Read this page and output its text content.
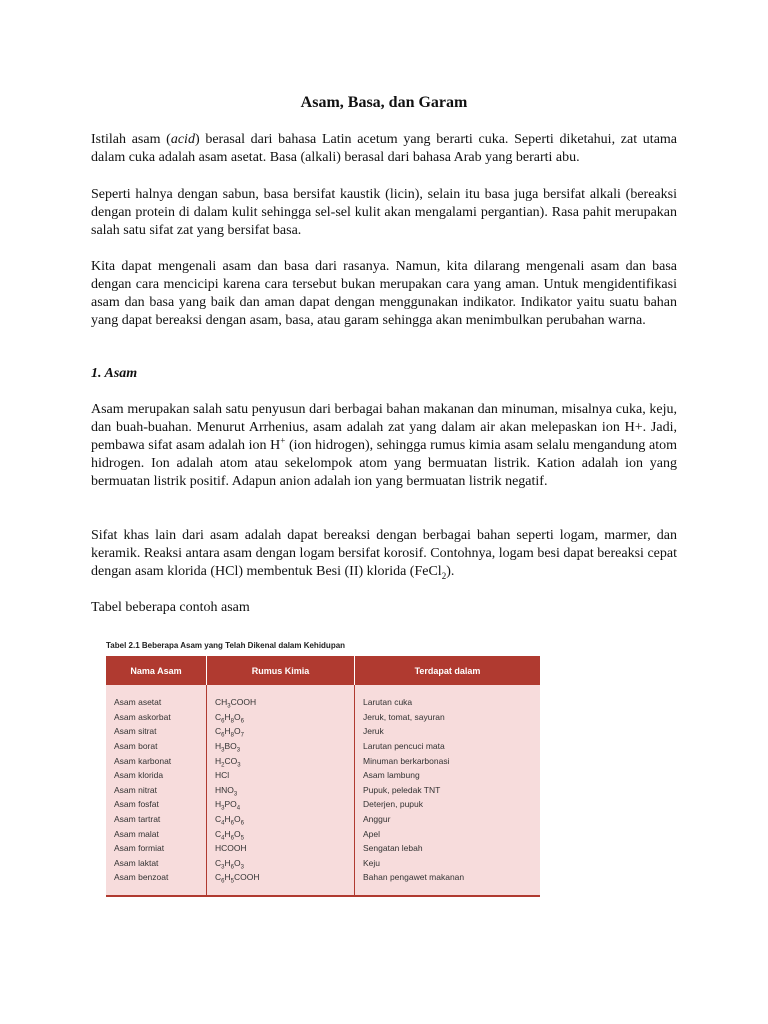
Asam, Basa, dan Garam

Istilah asam (acid) berasal dari bahasa Latin acetum yang berarti cuka. Seperti diketahui, zat utama dalam cuka adalah asam asetat. Basa (alkali) berasal dari bahasa Arab yang berarti abu.

Seperti halnya dengan sabun, basa bersifat kaustik (licin), selain itu basa juga bersifat alkali (bereaksi dengan protein di dalam kulit sehingga sel-sel kulit akan mengalami pergantian). Rasa pahit merupakan salah satu sifat zat yang bersifat basa.

Kita dapat mengenali asam dan basa dari rasanya. Namun, kita dilarang mengenali asam dan basa dengan cara mencicipi karena cara tersebut bukan merupakan cara yang aman. Untuk mengidentifikasi asam dan basa yang baik dan aman dapat dengan menggunakan indikator. Indikator yaitu suatu bahan yang dapat bereaksi dengan asam, basa, atau garam sehingga akan menimbulkan perubahan warna.

1. Asam

Asam merupakan salah satu penyusun dari berbagai bahan makanan dan minuman, misalnya cuka, keju, dan buah-buahan. Menurut Arrhenius, asam adalah zat yang dalam air akan melepaskan ion H+. Jadi, pembawa sifat asam adalah ion H+ (ion hidrogen), sehingga rumus kimia asam selalu mengandung atom hidrogen. Ion adalah atom atau sekelompok atom yang bermuatan listrik. Kation adalah ion yang bermuatan listrik positif. Adapun anion adalah ion yang bermuatan listrik negatif.

Sifat khas lain dari asam adalah dapat bereaksi dengan berbagai bahan seperti logam, marmer, dan keramik. Reaksi antara asam dengan logam bersifat korosif. Contohnya, logam besi dapat bereaksi cepat dengan asam klorida (HCl) membentuk Besi (II) klorida (FeCl$_2$).

Tabel beberapa contoh asam

Tabel 2.1 Beberapa Asam yang Telah Dikenal dalam Kehidupan
Nama Asam	Rumus Kimia	Terdapat dalam
Asam asetat	$CH_3COOH$	Larutan cuka
Asam askorbat	$C_6H_8O_6$	Jeruk, tomat, sayuran
Asam sitrat	$C_6H_8O_7$	Jeruk
Asam borat	$H_3BO_3$	Larutan pencuci mata
Asam karbonat	$H_2CO_3$	Minuman berkarbonasi
Asam klorida	HCl	Asam lambung
Asam nitrat	$HNO_3$	Pupuk, peledak TNT
Asam fosfat	$H_3PO_4$	Deterjen, pupuk
Asam tartrat	$C_4H_6O_6$	Anggur
Asam malat	$C_4H_6O_5$	Apel
Asam formiat	HCOOH	Sengatan lebah
Asam laktat	$C_3H_6O_3$	Keju
Asam benzoat	$C_6H_5COOH$	Bahan pengawet makanan
